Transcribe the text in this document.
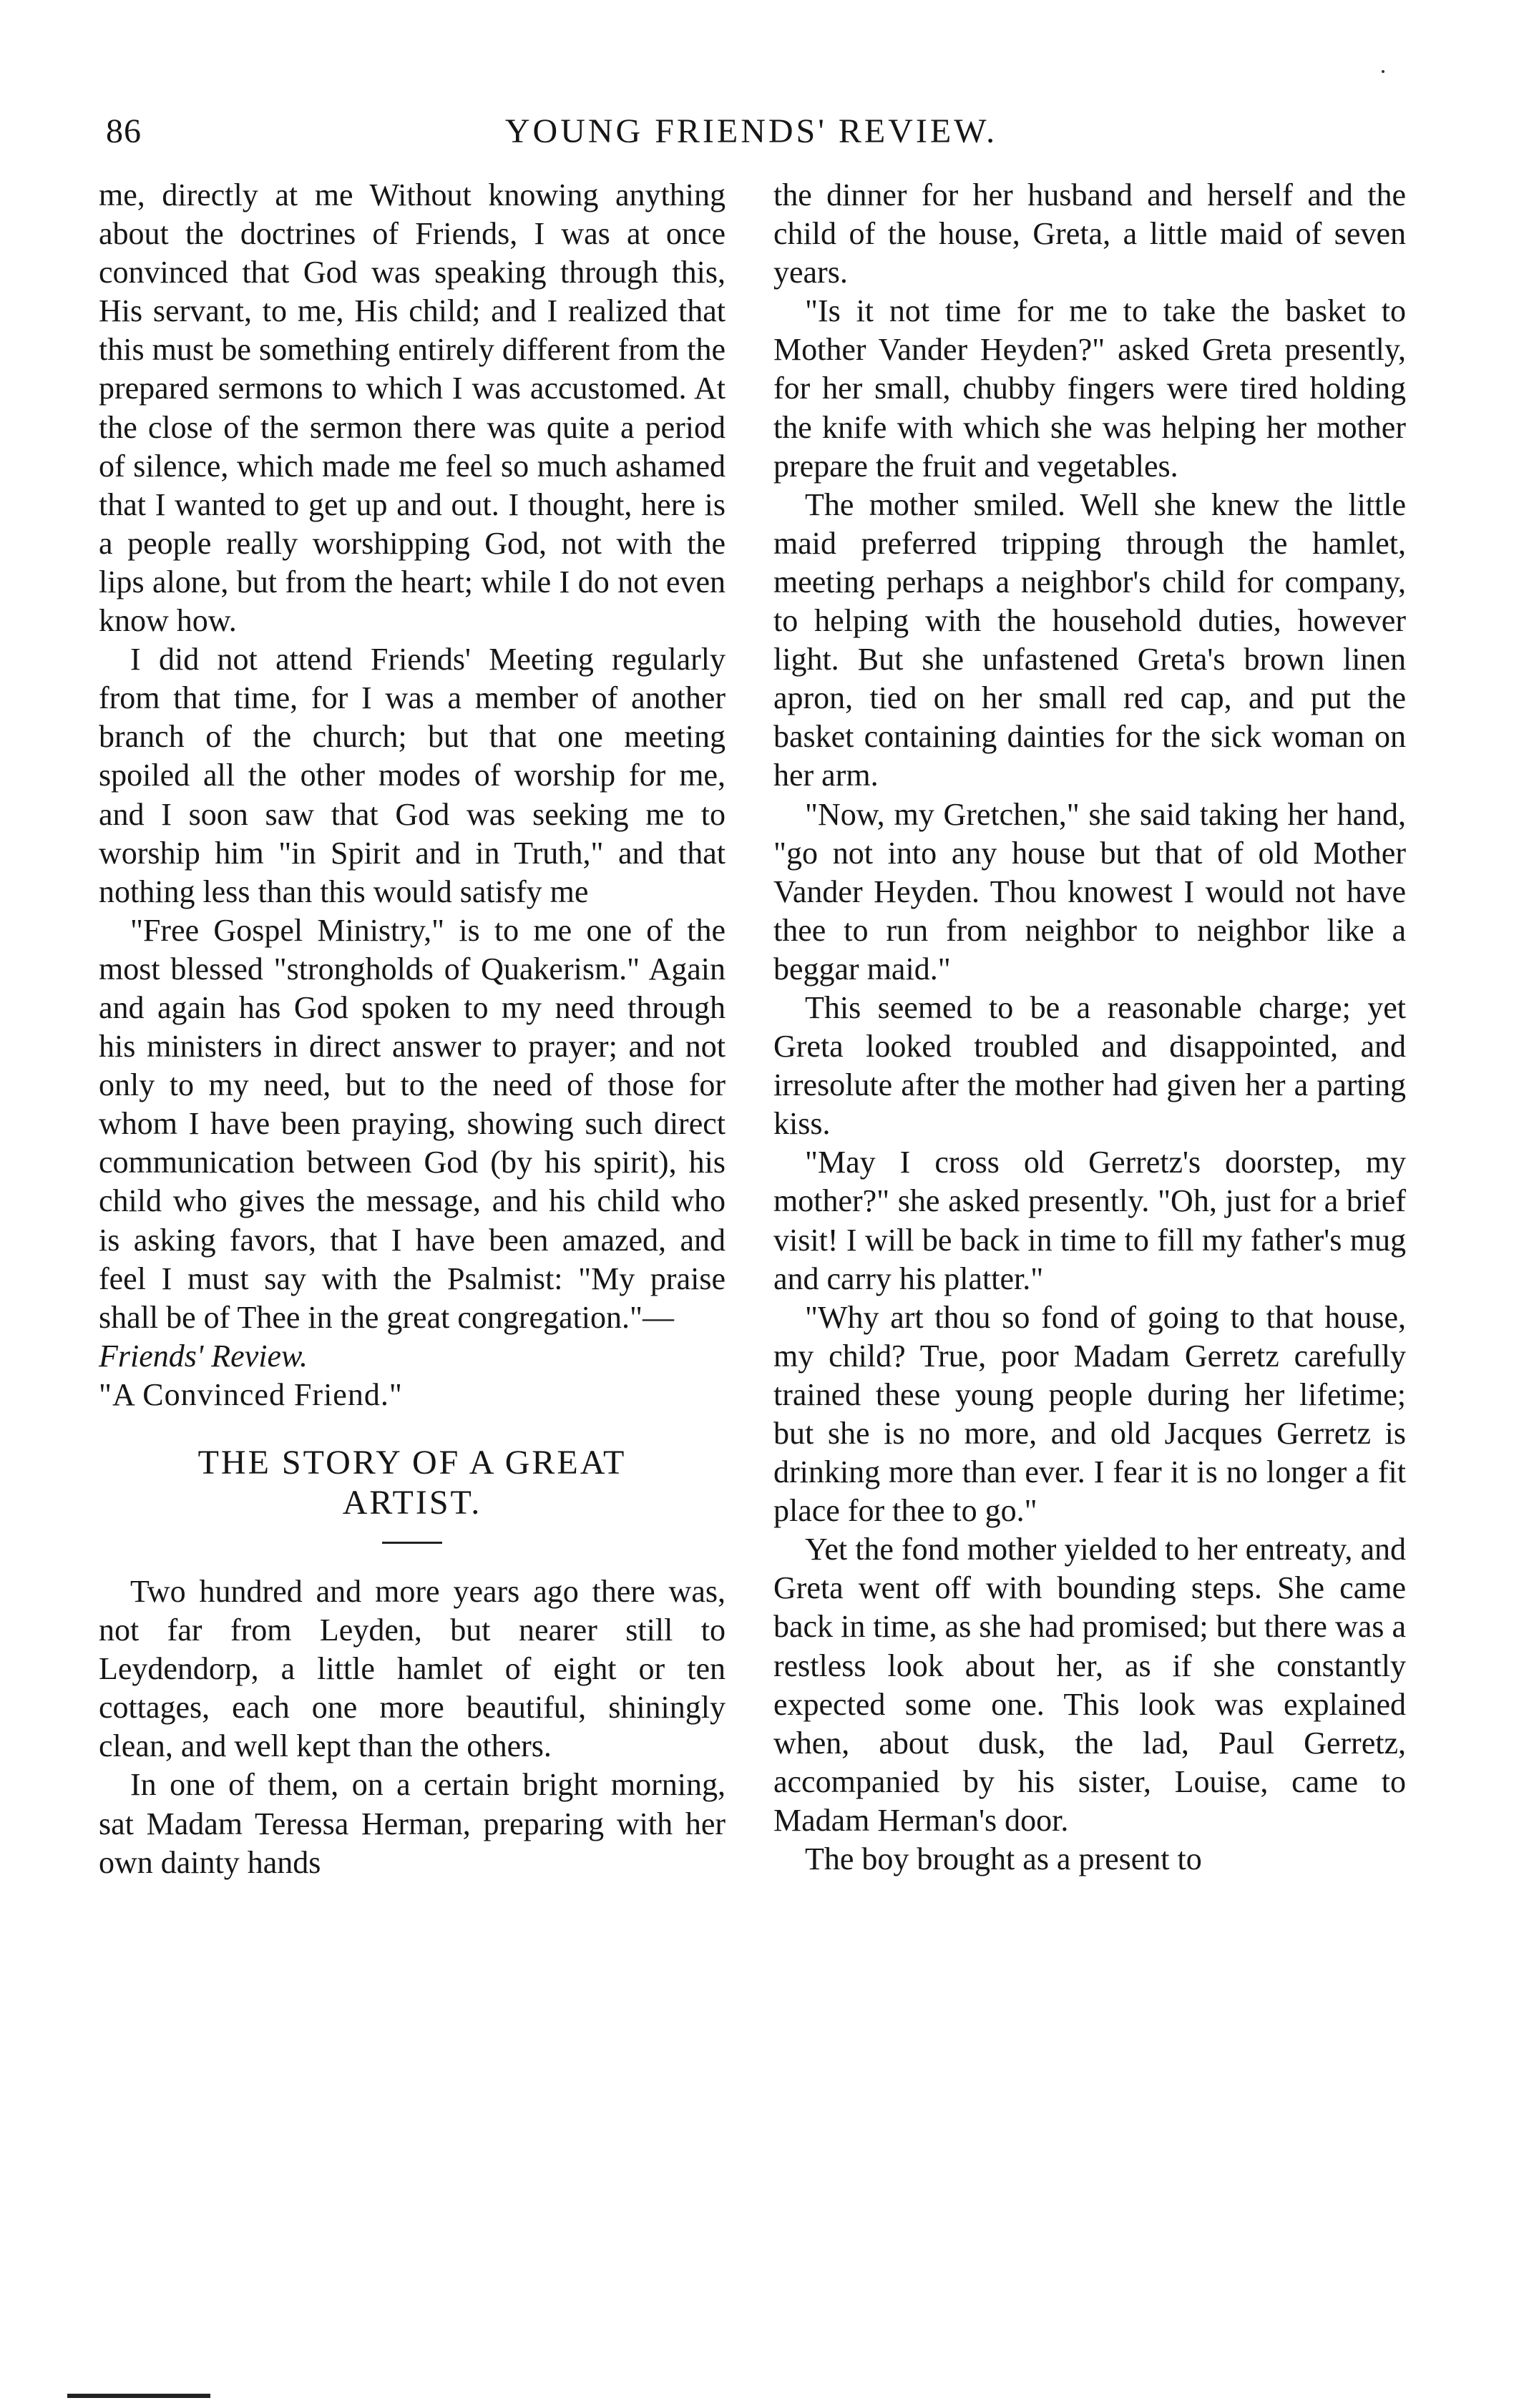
86	YOUNG FRIENDS' REVIEW.

me, directly at me Without knowing anything about the doctrines of Friends, I was at once convinced that God was speaking through this, His servant, to me, His child; and I realized that this must be something entirely different from the prepared sermons to which I was accustomed. At the close of the sermon there was quite a period of silence, which made me feel so much ashamed that I wanted to get up and out. I thought, here is a people really worshipping God, not with the lips alone, but from the heart; while I do not even know how.

I did not attend Friends' Meeting regularly from that time, for I was a member of another branch of the church; but that one meeting spoiled all the other modes of worship for me, and I soon saw that God was seeking me to worship him "in Spirit and in Truth," and that nothing less than this would satisfy me

"Free Gospel Ministry," is to me one of the most blessed "strongholds of Quakerism." Again and again has God spoken to my need through his ministers in direct answer to prayer; and not only to my need, but to the need of those for whom I have been praying, showing such direct communication between God (by his spirit), his child who gives the message, and his child who is asking favors, that I have been amazed, and feel I must say with the Psalmist: "My praise shall be of Thee in the great congregation."—

Friends' Review.

"A Convinced Friend."

THE STORY OF A GREAT
ARTIST.

Two hundred and more years ago there was, not far from Leyden, but nearer still to Leydendorp, a little hamlet of eight or ten cottages, each one more beautiful, shiningly clean, and well kept than the others.

In one of them, on a certain bright morning, sat Madam Teressa Herman, preparing with her own dainty hands

the dinner for her husband and herself and the child of the house, Greta, a little maid of seven years.

"Is it not time for me to take the basket to Mother Vander Heyden?" asked Greta presently, for her small, chubby fingers were tired holding the knife with which she was helping her mother prepare the fruit and vegetables.

The mother smiled. Well she knew the little maid preferred tripping through the hamlet, meeting perhaps a neighbor's child for company, to helping with the household duties, however light. But she unfastened Greta's brown linen apron, tied on her small red cap, and put the basket containing dainties for the sick woman on her arm.

"Now, my Gretchen," she said taking her hand, "go not into any house but that of old Mother Vander Heyden. Thou knowest I would not have thee to run from neighbor to neighbor like a beggar maid."

This seemed to be a reasonable charge; yet Greta looked troubled and disappointed, and irresolute after the mother had given her a parting kiss.

"May I cross old Gerretz's doorstep, my mother?" she asked presently. "Oh, just for a brief visit! I will be back in time to fill my father's mug and carry his platter."

"Why art thou so fond of going to that house, my child? True, poor Madam Gerretz carefully trained these young people during her lifetime; but she is no more, and old Jacques Gerretz is drinking more than ever. I fear it is no longer a fit place for thee to go."

Yet the fond mother yielded to her entreaty, and Greta went off with bounding steps. She came back in time, as she had promised; but there was a restless look about her, as if she constantly expected some one. This look was explained when, about dusk, the lad, Paul Gerretz, accompanied by his sister, Louise, came to Madam Herman's door.

The boy brought as a present to
